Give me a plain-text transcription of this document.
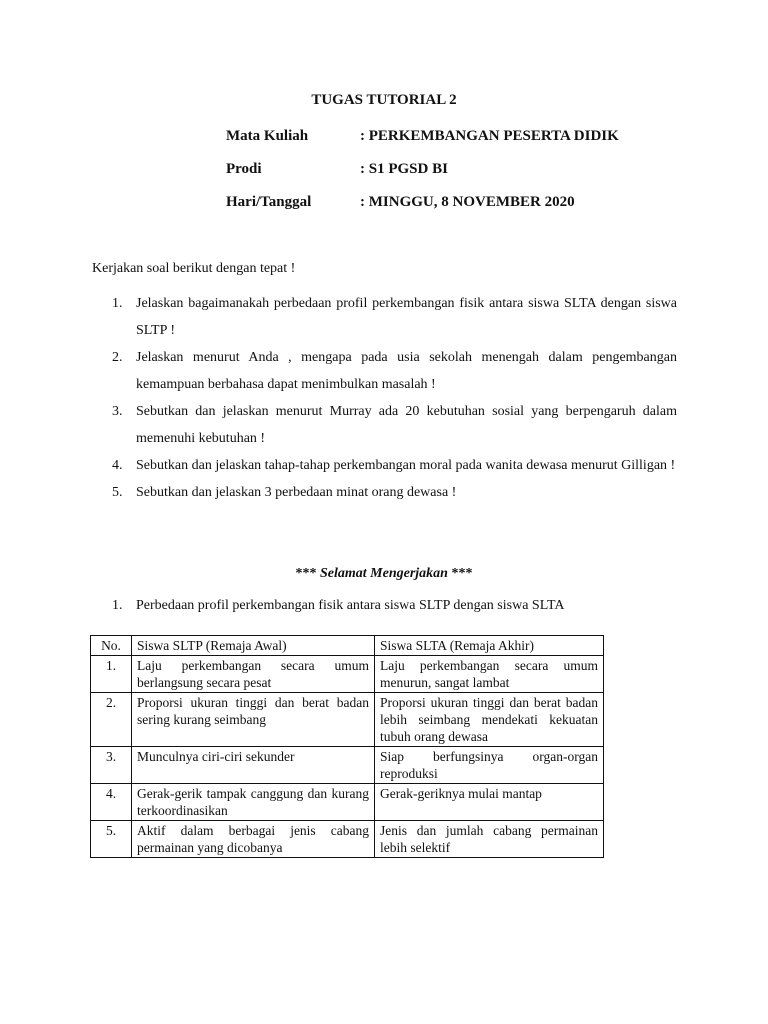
TUGAS TUTORIAL 2
Mata Kuliah	: PERKEMBANGAN PESERTA DIDIK
Prodi	: S1 PGSD BI
Hari/Tanggal	: MINGGU, 8 NOVEMBER 2020
Kerjakan soal berikut dengan tepat !
1. Jelaskan bagaimanakah perbedaan profil perkembangan fisik antara siswa SLTA dengan siswa SLTP !
2. Jelaskan menurut Anda , mengapa pada usia sekolah menengah dalam pengembangan kemampuan berbahasa dapat menimbulkan masalah !
3. Sebutkan dan jelaskan menurut Murray ada 20 kebutuhan sosial yang berpengaruh dalam memenuhi kebutuhan !
4. Sebutkan dan jelaskan tahap-tahap perkembangan moral pada wanita dewasa menurut Gilligan !
5. Sebutkan dan jelaskan 3 perbedaan minat orang dewasa !
*** Selamat Mengerjakan ***
1. Perbedaan profil perkembangan fisik antara siswa SLTP dengan siswa SLTA
No.	Siswa SLTP (Remaja Awal)	Siswa SLTA (Remaja Akhir)
1.	Laju perkembangan secara umum berlangsung secara pesat	Laju perkembangan secara umum menurun, sangat lambat
2.	Proporsi ukuran tinggi dan berat badan sering kurang seimbang	Proporsi ukuran tinggi dan berat badan lebih seimbang mendekati kekuatan tubuh orang dewasa
3.	Munculnya ciri-ciri sekunder	Siap berfungsinya organ-organ reproduksi
4.	Gerak-gerik tampak canggung dan kurang terkoordinasikan	Gerak-geriknya mulai mantap
5.	Aktif dalam berbagai jenis cabang permainan yang dicobanya	Jenis dan jumlah cabang permainan lebih selektif
